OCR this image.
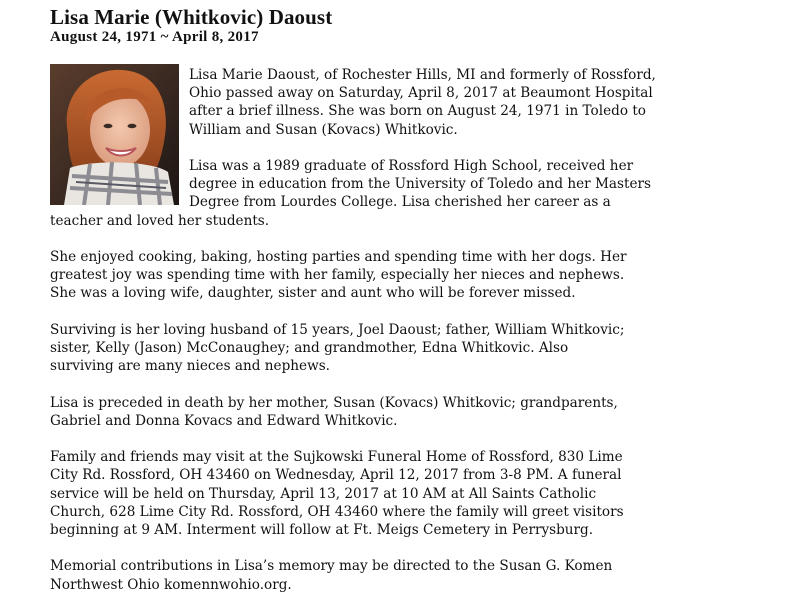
Lisa Marie (Whitkovic) Daoust
August 24, 1971 ~ April 8, 2017

Lisa Marie Daoust, of Rochester Hills, MI and formerly of Rossford,
Ohio passed away on Saturday, April 8, 2017 at Beaumont Hospital
after a brief illness. She was born on August 24, 1971 in Toledo to
William and Susan (Kovacs) Whitkovic.

Lisa was a 1989 graduate of Rossford High School, received her
degree in education from the University of Toledo and her Masters
Degree from Lourdes College. Lisa cherished her career as a
teacher and loved her students.

She enjoyed cooking, baking, hosting parties and spending time with her dogs. Her
greatest joy was spending time with her family, especially her nieces and nephews.
She was a loving wife, daughter, sister and aunt who will be forever missed.

Surviving is her loving husband of 15 years, Joel Daoust; father, William Whitkovic;
sister, Kelly (Jason) McConaughey; and grandmother, Edna Whitkovic. Also
surviving are many nieces and nephews.

Lisa is preceded in death by her mother, Susan (Kovacs) Whitkovic; grandparents,
Gabriel and Donna Kovacs and Edward Whitkovic.

Family and friends may visit at the Sujkowski Funeral Home of Rossford, 830 Lime
City Rd. Rossford, OH 43460 on Wednesday, April 12, 2017 from 3-8 PM. A funeral
service will be held on Thursday, April 13, 2017 at 10 AM at All Saints Catholic
Church, 628 Lime City Rd. Rossford, OH 43460 where the family will greet visitors
beginning at 9 AM. Interment will follow at Ft. Meigs Cemetery in Perrysburg.

Memorial contributions in Lisa’s memory may be directed to the Susan G. Komen
Northwest Ohio komennwohio.org.
